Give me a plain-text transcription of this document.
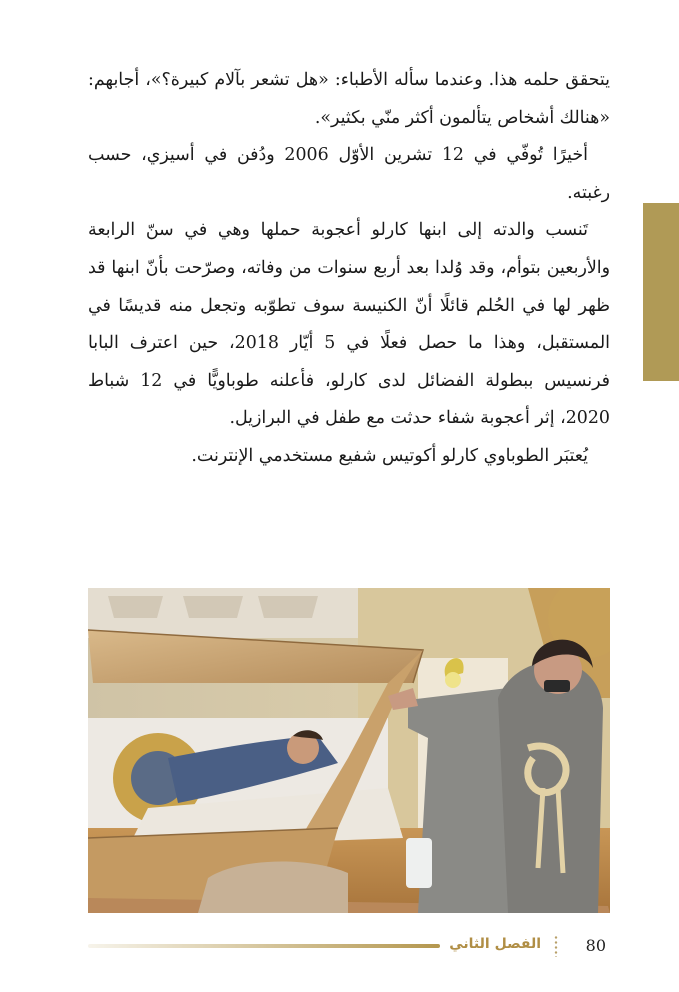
يتحقق حلمه هذا. وعندما سأله الأطباء: «هل تشعر بآلام كبيرة؟»، أجابهم: «هنالك أشخاص يتألمون أكثر منّي بكثير».

أخيرًا تُوفّي في 12 تشرين الأوّل 2006 ودُفن في أسيزي، حسب رغبته.

تَنسب والدته إلى ابنها كارلو أعجوبة حملها وهي في سنّ الرابعة والأربعين بتوأم، وقد وُلدا بعد أربع سنوات من وفاته، وصرّحت بأنّ ابنها قد ظهر لها في الحُلم قائلًا أنّ الكنيسة سوف تطوّبه وتجعل منه قديسًا في المستقبل، وهذا ما حصل فعلًا في 5 أيّار 2018، حين اعترف البابا فرنسيس ببطولة الفضائل لدى كارلو، فأعلنه طوباويًّا في 12 شباط 2020، إثر أعجوبة شفاء حدثت مع طفل في البرازيل.

يُعتبَر الطوباوي كارلو أكوتيس شفيع مستخدمي الإنترنت.

الفصل الثاني	80
